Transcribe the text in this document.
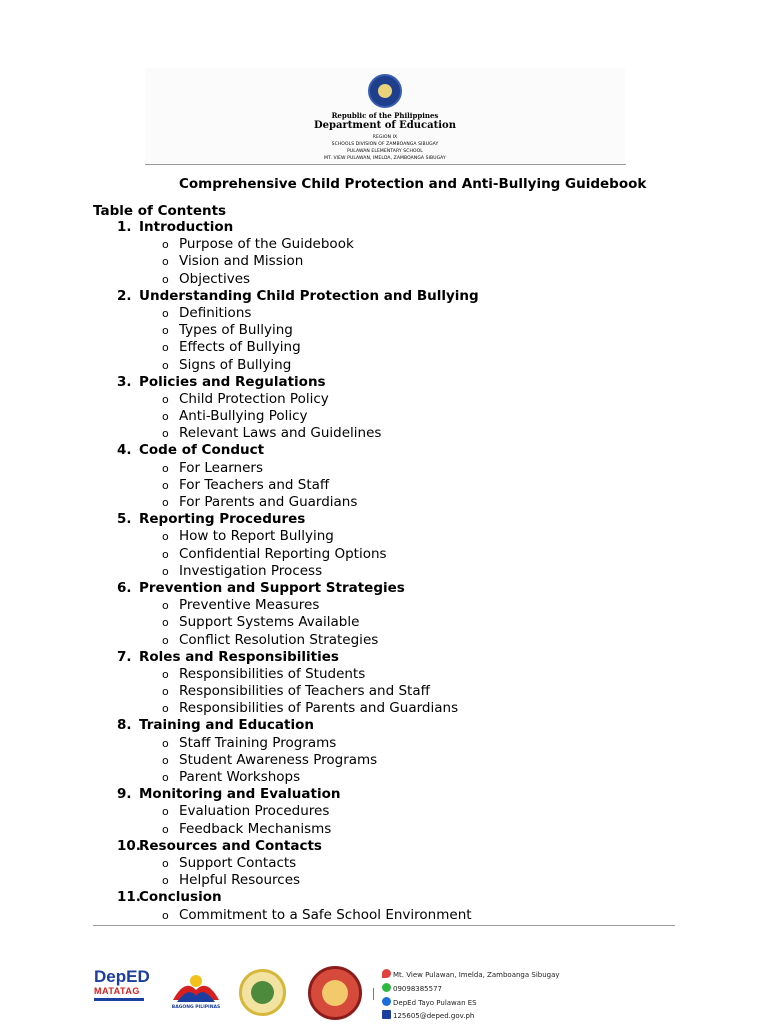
Republic of the Philippines
Department of Education
REGION IX
SCHOOLS DIVISION OF ZAMBOANGA SIBUGAY
PULAWAN ELEMENTARY SCHOOL
MT. VIEW PULAWAN, IMELDA, ZAMBOANGA SIBUGAY
Comprehensive Child Protection and Anti-Bullying Guidebook
Table of Contents
1. Introduction
o Purpose of the Guidebook
o Vision and Mission
o Objectives
2. Understanding Child Protection and Bullying
o Definitions
o Types of Bullying
o Effects of Bullying
o Signs of Bullying
3. Policies and Regulations
o Child Protection Policy
o Anti-Bullying Policy
o Relevant Laws and Guidelines
4. Code of Conduct
o For Learners
o For Teachers and Staff
o For Parents and Guardians
5. Reporting Procedures
o How to Report Bullying
o Confidential Reporting Options
o Investigation Process
6. Prevention and Support Strategies
o Preventive Measures
o Support Systems Available
o Conflict Resolution Strategies
7. Roles and Responsibilities
o Responsibilities of Students
o Responsibilities of Teachers and Staff
o Responsibilities of Parents and Guardians
8. Training and Education
o Staff Training Programs
o Student Awareness Programs
o Parent Workshops
9. Monitoring and Evaluation
o Evaluation Procedures
o Feedback Mechanisms
10.
Resources and Contacts
o Support Contacts
o Helpful Resources
11.
Conclusion
o Commitment to a Safe School Environment
DepED
MATATAG
BAGONG PILIPINAS
Mt. View Pulawan, Imelda, Zamboanga Sibugay
09098385577
DepEd Tayo Pulawan ES
125605@deped.gov.ph
